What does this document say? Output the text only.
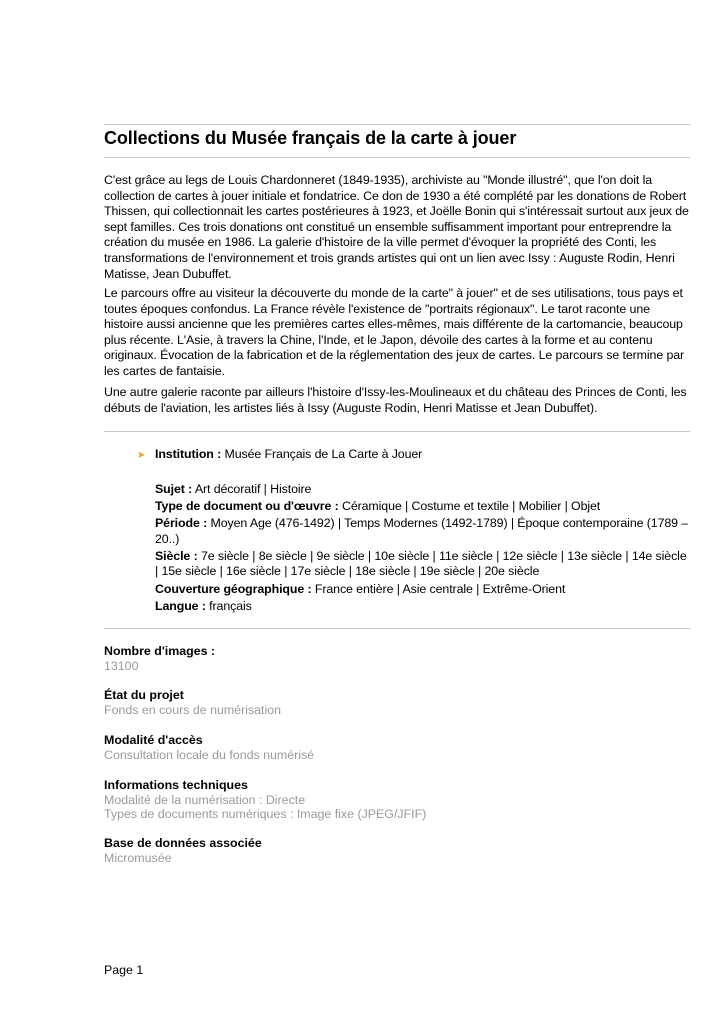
Collections du Musée français de la carte à jouer

C'est grâce au legs de Louis Chardonneret (1849-1935), archiviste au "Monde illustré", que l'on doit la collection de cartes à jouer initiale et fondatrice. Ce don de 1930 a été complété par les donations de Robert Thissen, qui collectionnait les cartes postérieures à 1923, et Joëlle Bonin qui s'intéressait surtout aux jeux de sept familles. Ces trois donations ont constitué un ensemble suffisamment important pour entreprendre la création du musée en 1986. La galerie d'histoire de la ville permet d'évoquer la propriété des Conti, les transformations de l'environnement et trois grands artistes qui ont un lien avec Issy : Auguste Rodin, Henri Matisse, Jean Dubuffet.

Le parcours offre au visiteur la découverte du monde de la carte" à jouer" et de ses utilisations, tous pays et toutes époques confondus. La France révèle l'existence de "portraits régionaux". Le tarot raconte une histoire aussi ancienne que les premières cartes elles-mêmes, mais différente de la cartomancie, beaucoup plus récente. L'Asie, à travers la Chine, l'Inde, et le Japon, dévoile des cartes à la forme et au contenu originaux. Évocation de la fabrication et de la réglementation des jeux de cartes. Le parcours se termine par les cartes de fantaisie.

Une autre galerie raconte par ailleurs l'histoire d'Issy-les-Moulineaux et du château des Princes de Conti, les débuts de l'aviation, les artistes liés à Issy (Auguste Rodin, Henri Matisse et Jean Dubuffet).

➤ Institution : Musée Français de La Carte à Jouer

Sujet : Art décoratif | Histoire

Type de document ou d'œuvre : Céramique | Costume et textile | Mobilier | Objet

Période : Moyen Age (476-1492) | Temps Modernes (1492-1789) | Époque contemporaine (1789 –20..)

Siècle : 7e siècle | 8e siècle | 9e siècle | 10e siècle | 11e siècle | 12e siècle | 13e siècle | 14e siècle | 15e siècle | 16e siècle | 17e siècle | 18e siècle | 19e siècle | 20e siècle

Couverture géographique : France entière | Asie centrale | Extrême-Orient

Langue : français

Nombre d'images :

13100

État du projet

Fonds en cours de numérisation

Modalité d'accès

Consultation locale du fonds numérisé

Informations techniques

Modalité de la numérisation : Directe

Types de documents numériques : Image fixe (JPEG/JFIF)

Base de données associée

Micromusée

Page 1
